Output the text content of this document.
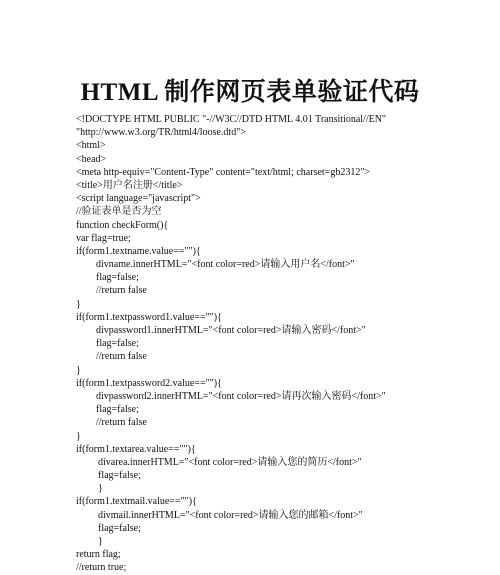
HTML 制作网页表单验证代码
<!DOCTYPE HTML PUBLIC "-//W3C//DTD HTML 4.01 Transitional//EN"
"http://www.w3.org/TR/html4/loose.dtd">
<html>
<head>
<meta http-equiv="Content-Type" content="text/html; charset=gb2312">
<title>用户名注册</title>
<script language="javascript">
//验证表单是否为空
function checkForm(){
var flag=true;
if(form1.textname.value==""){
divname.innerHTML="<font color=red>请输入用户名</font>"
flag=false;
//return false
}
if(form1.textpassword1.value==""){
divpassword1.innerHTML="<font color=red>请输入密码</font>"
flag=false;
//return false
}
if(form1.textpassword2.value==""){
divpassword2.innerHTML="<font color=red>请再次输入密码</font>"
flag=false;
//return false
}
if(form1.textarea.value==""){
divarea.innerHTML="<font color=red>请输入您的简历</font>"
flag=false;
}
if(form1.textmail.value==""){
divmail.innerHTML="<font color=red>请输入您的邮箱</font>"
flag=false;
}
return flag;
//return true;
